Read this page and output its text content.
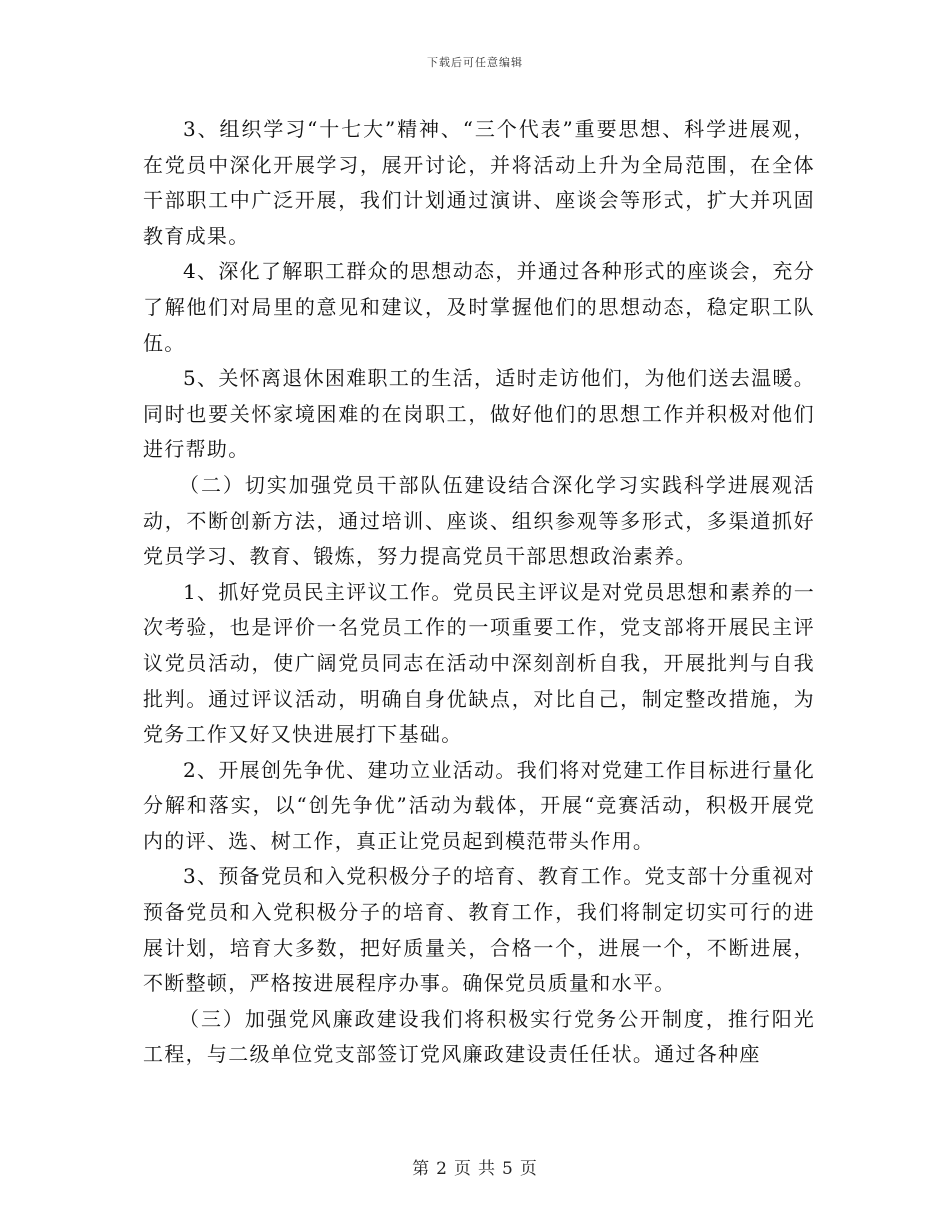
下载后可任意编辑

3、组织学习“十七大”精神、“三个代表”重要思想、科学进展观，在党员中深化开展学习，展开讨论，并将活动上升为全局范围，在全体干部职工中广泛开展，我们计划通过演讲、座谈会等形式，扩大并巩固教育成果。

4、深化了解职工群众的思想动态，并通过各种形式的座谈会，充分了解他们对局里的意见和建议，及时掌握他们的思想动态，稳定职工队伍。

5、关怀离退休困难职工的生活，适时走访他们，为他们送去温暖。同时也要关怀家境困难的在岗职工，做好他们的思想工作并积极对他们进行帮助。

（二）切实加强党员干部队伍建设结合深化学习实践科学进展观活动，不断创新方法，通过培训、座谈、组织参观等多形式，多渠道抓好党员学习、教育、锻炼，努力提高党员干部思想政治素养。

1、抓好党员民主评议工作。党员民主评议是对党员思想和素养的一次考验，也是评价一名党员工作的一项重要工作，党支部将开展民主评议党员活动，使广阔党员同志在活动中深刻剖析自我，开展批判与自我批判。通过评议活动，明确自身优缺点，对比自己，制定整改措施，为党务工作又好又快进展打下基础。

2、开展创先争优、建功立业活动。我们将对党建工作目标进行量化分解和落实，以“创先争优”活动为载体，开展“竞赛活动，积极开展党内的评、选、树工作，真正让党员起到模范带头作用。

3、预备党员和入党积极分子的培育、教育工作。党支部十分重视对预备党员和入党积极分子的培育、教育工作，我们将制定切实可行的进展计划，培育大多数，把好质量关，合格一个，进展一个，不断进展，不断整顿，严格按进展程序办事。确保党员质量和水平。

（三）加强党风廉政建设我们将积极实行党务公开制度，推行阳光工程，与二级单位党支部签订党风廉政建设责任任状。通过各种座

第 2 页 共 5 页
